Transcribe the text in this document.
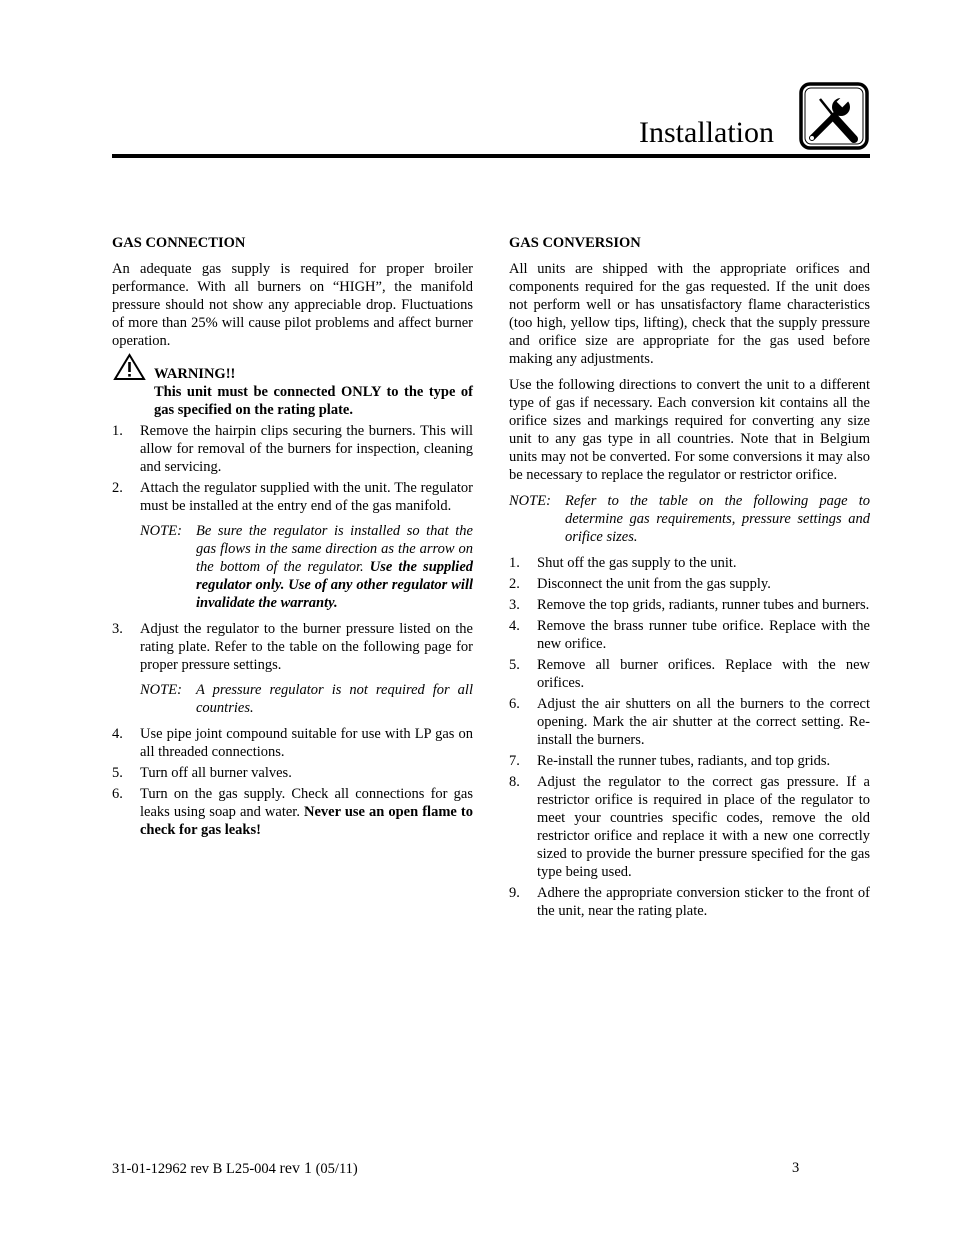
Installation
GAS CONNECTION

An adequate gas supply is required for proper broiler performance. With all burners on “HIGH”, the manifold pressure should not show any appreciable drop. Fluctuations of more than 25% will cause pilot problems and affect burner operation.

WARNING!!
This unit must be connected ONLY to the type of gas specified on the rating plate.
1. Remove the hairpin clips securing the burners. This will allow for removal of the burners for inspection, cleaning and servicing.
2. Attach the regulator supplied with the unit. The regulator must be installed at the entry end of the gas manifold.
NOTE: Be sure the regulator is installed so that the gas flows in the same direction as the arrow on the bottom of the regulator. Use the supplied regulator only. Use of any other regulator will invalidate the warranty.
3. Adjust the regulator to the burner pressure listed on the rating plate. Refer to the table on the following page for proper pressure settings.
NOTE: A pressure regulator is not required for all countries.
4. Use pipe joint compound suitable for use with LP gas on all threaded connections.
5. Turn off all burner valves.
6. Turn on the gas supply. Check all connections for gas leaks using soap and water. Never use an open flame to check for gas leaks!
GAS CONVERSION

All units are shipped with the appropriate orifices and components required for the gas requested. If the unit does not perform well or has unsatisfactory flame characteristics (too high, yellow tips, lifting), check that the supply pressure and orifice size are appropriate for the gas used before making any adjustments.

Use the following directions to convert the unit to a different type of gas if necessary. Each conversion kit contains all the orifice sizes and markings required for converting any size unit to any gas type in all countries. Note that in Belgium units may not be converted. For some conversions it may also be necessary to replace the regulator or restrictor orifice.

NOTE: Refer to the table on the following page to determine gas requirements, pressure settings and orifice sizes.
1. Shut off the gas supply to the unit.
2. Disconnect the unit from the gas supply.
3. Remove the top grids, radiants, runner tubes and burners.
4. Remove the brass runner tube orifice. Replace with the new orifice.
5. Remove all burner orifices. Replace with the new orifices.
6. Adjust the air shutters on all the burners to the correct opening. Mark the air shutter at the correct setting. Re-install the burners.
7. Re-install the runner tubes, radiants, and top grids.
8. Adjust the regulator to the correct gas pressure. If a restrictor orifice is required in place of the regulator to meet your countries specific codes, remove the old restrictor orifice and replace it with a new one correctly sized to provide the burner pressure specified for the gas type being used.
9. Adhere the appropriate conversion sticker to the front of the unit, near the rating plate.
31-01-12962 rev B L25-004 rev 1 (05/11)	3
